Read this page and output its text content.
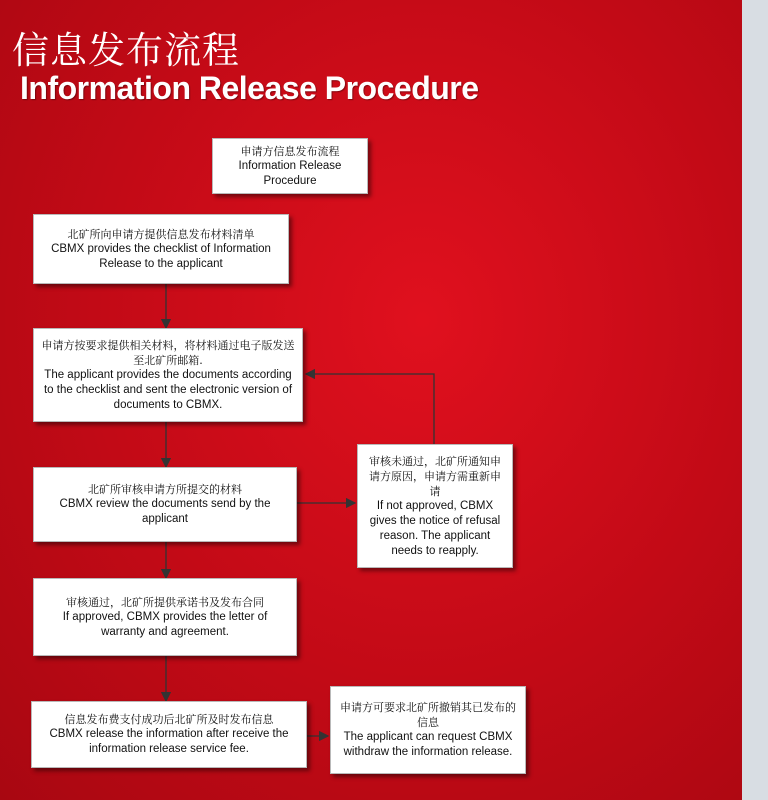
信息发布流程
Information Release Procedure
申请方信息发布流程
Information Release Procedure
北矿所向申请方提供信息发布材料清单
CBMX provides the checklist of Information Release to the applicant
申请方按要求提供相关材料，将材料通过电子版发送至北矿所邮箱.
The applicant provides the documents according to the checklist and sent the electronic version of documents to CBMX.
北矿所审核申请方所提交的材料
CBMX review the documents send by the applicant
审核未通过，北矿所通知申请方原因，申请方需重新申请
If not approved, CBMX gives the notice of refusal reason. The applicant needs to reapply.
审核通过，北矿所提供承诺书及发布合同
If approved, CBMX provides the letter of warranty and agreement.
信息发布费支付成功后北矿所及时发布信息
CBMX release the information after receive the information release service fee.
申请方可要求北矿所撤销其已发布的信息
The applicant can request CBMX withdraw the information release.
